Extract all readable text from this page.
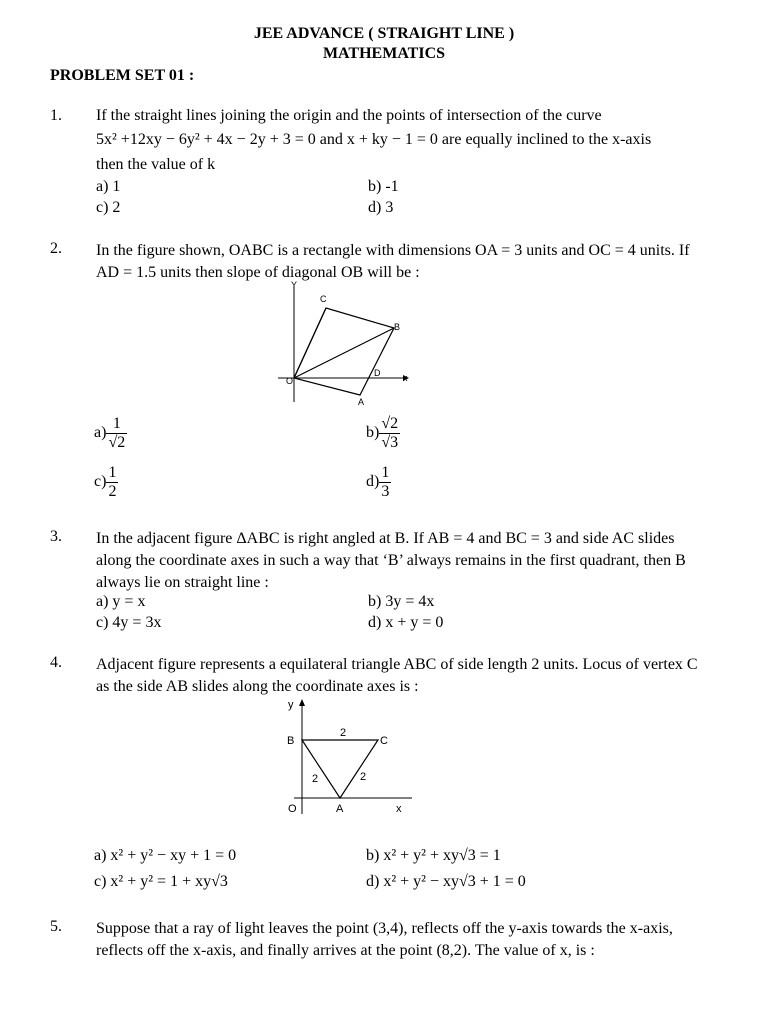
JEE ADVANCE ( STRAIGHT LINE )
MATHEMATICS
PROBLEM SET 01 :
1. If the straight lines joining the origin and the points of intersection of the curve
5x² +12xy − 6y² + 4x − 2y + 3 = 0 and x + ky − 1 = 0 are equally inclined to the x-axis
then the value of k
a) 1	b) -1
c) 2	d) 3
2. In the figure shown, OABC is a rectangle with dimensions OA = 3 units and OC = 4 units. If AD = 1.5 units then slope of diagonal OB will be :
Y
C
B
D	x
O
A
$a) \frac{1}{√2}$	$b) \frac{√2}{√3}$
$c) \frac{1}{2}$	$d) \frac{1}{3}$
3. In the adjacent figure ΔABC is right angled at B. If AB = 4 and BC = 3 and side AC slides along the coordinate axes in such a way that ‘B’ always remains in the first quadrant, then B always lie on straight line :
a) y = x	b) 3y = 4x
c) 4y = 3x	d) x + y = 0
4. Adjacent figure represents a equilateral triangle ABC of side length 2 units. Locus of vertex C as the side AB slides along the coordinate axes is :
y
B	C
2
2	2
O	A	x
a) x² + y² − xy + 1 = 0	b) x² + y² + xy√3 = 1
c) x² + y² = 1 + xy√3	d) x² + y² − xy√3 + 1 = 0
5. Suppose that a ray of light leaves the point (3,4), reflects off the y-axis towards the x-axis, reflects off the x-axis, and finally arrives at the point (8,2). The value of x, is :
